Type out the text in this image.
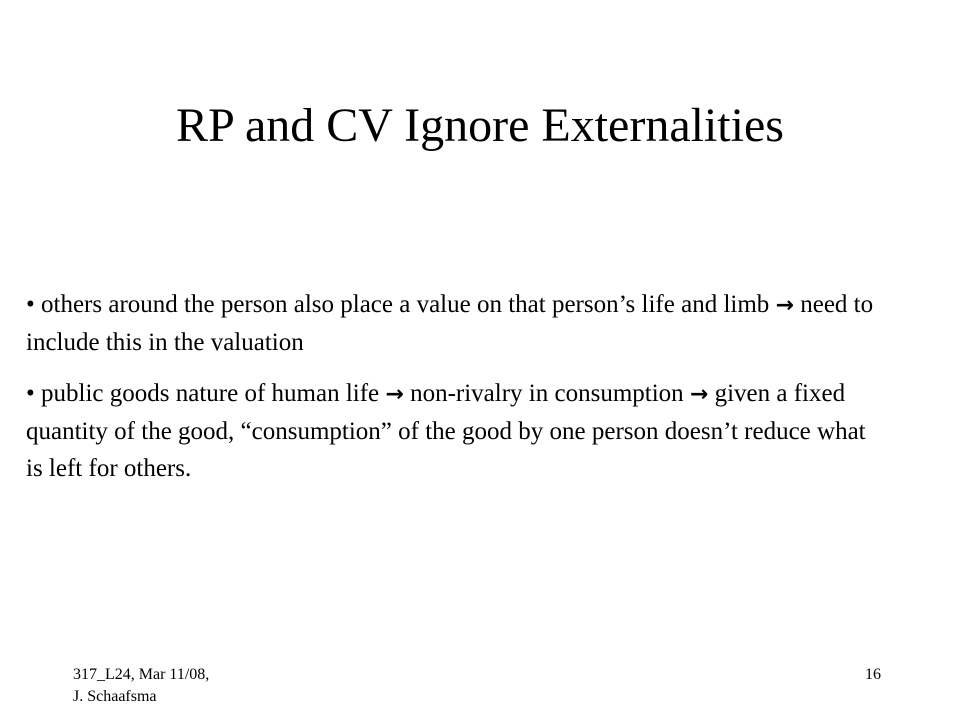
RP and CV Ignore Externalities
• others around the person also place a value on that person’s life and limb → need to include this in the valuation
• public goods nature of human life → non-rivalry in consumption → given a fixed quantity of the good, “consumption” of the good by one person doesn’t reduce what is left for others.
317_L24, Mar 11/08,
J. Schaafsma
16
